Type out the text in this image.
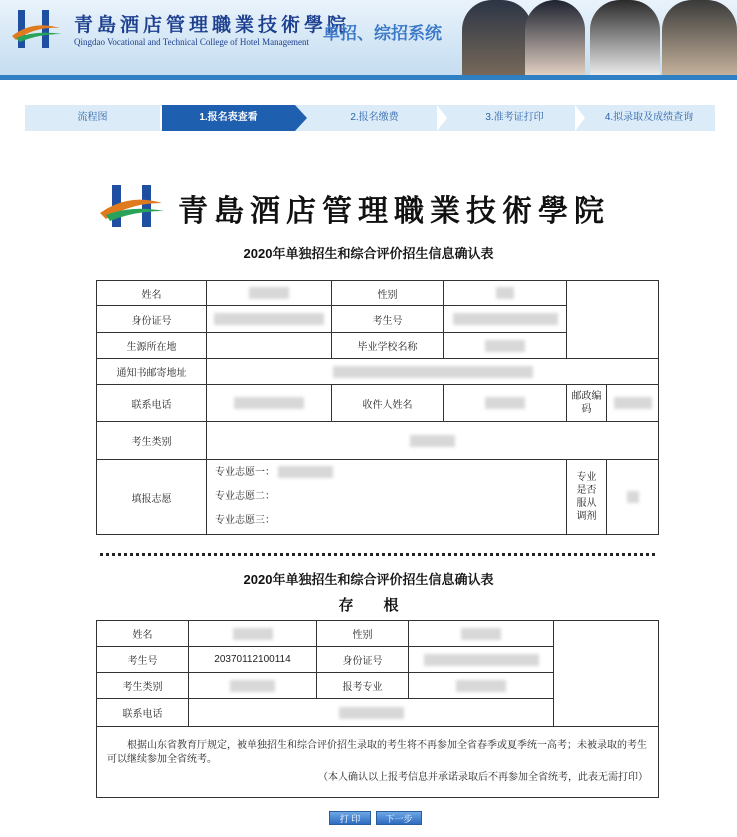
青島酒店管理職業技術學院
Qingdao Vocational and Technical College of Hotel Management 单招、综招系统
流程图	1.报名表查看	2.报名缴费	3.准考证打印	4.拟录取及成绩查询
青島酒店管理職業技術學院
2020年单独招生和综合评价招生信息确认表
姓名		性别			
身份证号		考生号			
生源所在地		毕业学校名称			
通知书邮寄地址					
联系电话		收件人姓名		邮政编码	
考生类别					
填报志愿	专业志愿一：
专业志愿二：
专业志愿三：			专业是否服从调剂	
2020年单独招生和综合评价招生信息确认表
存　　根
姓名		性别		
考生号	20370112100114	身份证号		
考生类别		报考专业		
联系电话				

根据山东省教育厅规定，被单独招生和综合评价招生录取的考生将不再参加全省春季或夏季统一高考；未被录取的考生可以继续参加全省统考。
（本人确认以上报考信息并承诺录取后不再参加全省统考，此表无需打印）				
打 印	下一步
